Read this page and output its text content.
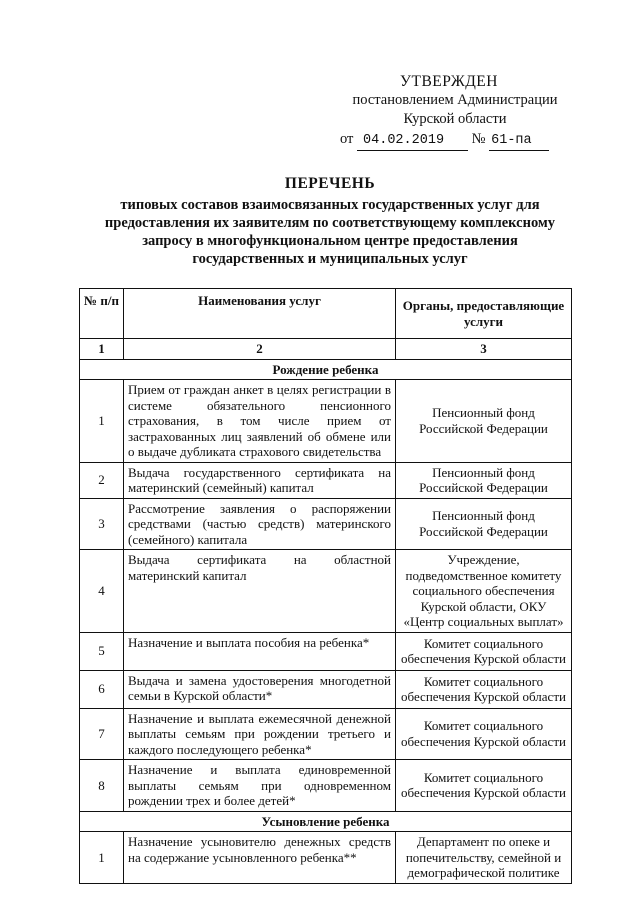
УТВЕРЖДЕН
постановлением Администрации
Курской области
от 04.02.2019 № 61-па
ПЕРЕЧЕНЬ
типовых составов взаимосвязанных государственных услуг для
предоставления их заявителям по соответствующему комплексному
запросу в многофункциональном центре предоставления
государственных и муниципальных услуг
№ п/п	Наименования услуг	Органы, предоставляющие услуги
1	2	3
Рождение ребенка		
1	Прием от граждан анкет в целях регистрации в системе обязательного пенсионного страхования, в том числе прием от застрахованных лиц заявлений об обмене или о выдаче дубликата страхового свидетельства	Пенсионный фонд Российской Федерации
2	Выдача государственного сертификата на материнский (семейный) капитал	Пенсионный фонд Российской Федерации
3	Рассмотрение заявления о распоряжении средствами (частью средств) материнского (семейного) капитала	Пенсионный фонд Российской Федерации
4	Выдача сертификата на областной материнский капитал	Учреждение, подведомственное комитету социального обеспечения Курской области, ОКУ «Центр социальных выплат»
5	Назначение и выплата пособия на ребенка*	Комитет социального обеспечения Курской области
6	Выдача и замена удостоверения многодетной семьи в Курской области*	Комитет социального обеспечения Курской области
7	Назначение и выплата ежемесячной денежной выплаты семьям при рождении третьего и каждого последующего ребенка*	Комитет социального обеспечения Курской области
8	Назначение и выплата единовременной выплаты семьям при одновременном рождении трех и более детей*	Комитет социального обеспечения Курской области
Усыновление ребенка		
1	Назначение усыновителю денежных средств на содержание усыновленного ребенка**	Департамент по опеке и попечительству, семейной и демографической политике
